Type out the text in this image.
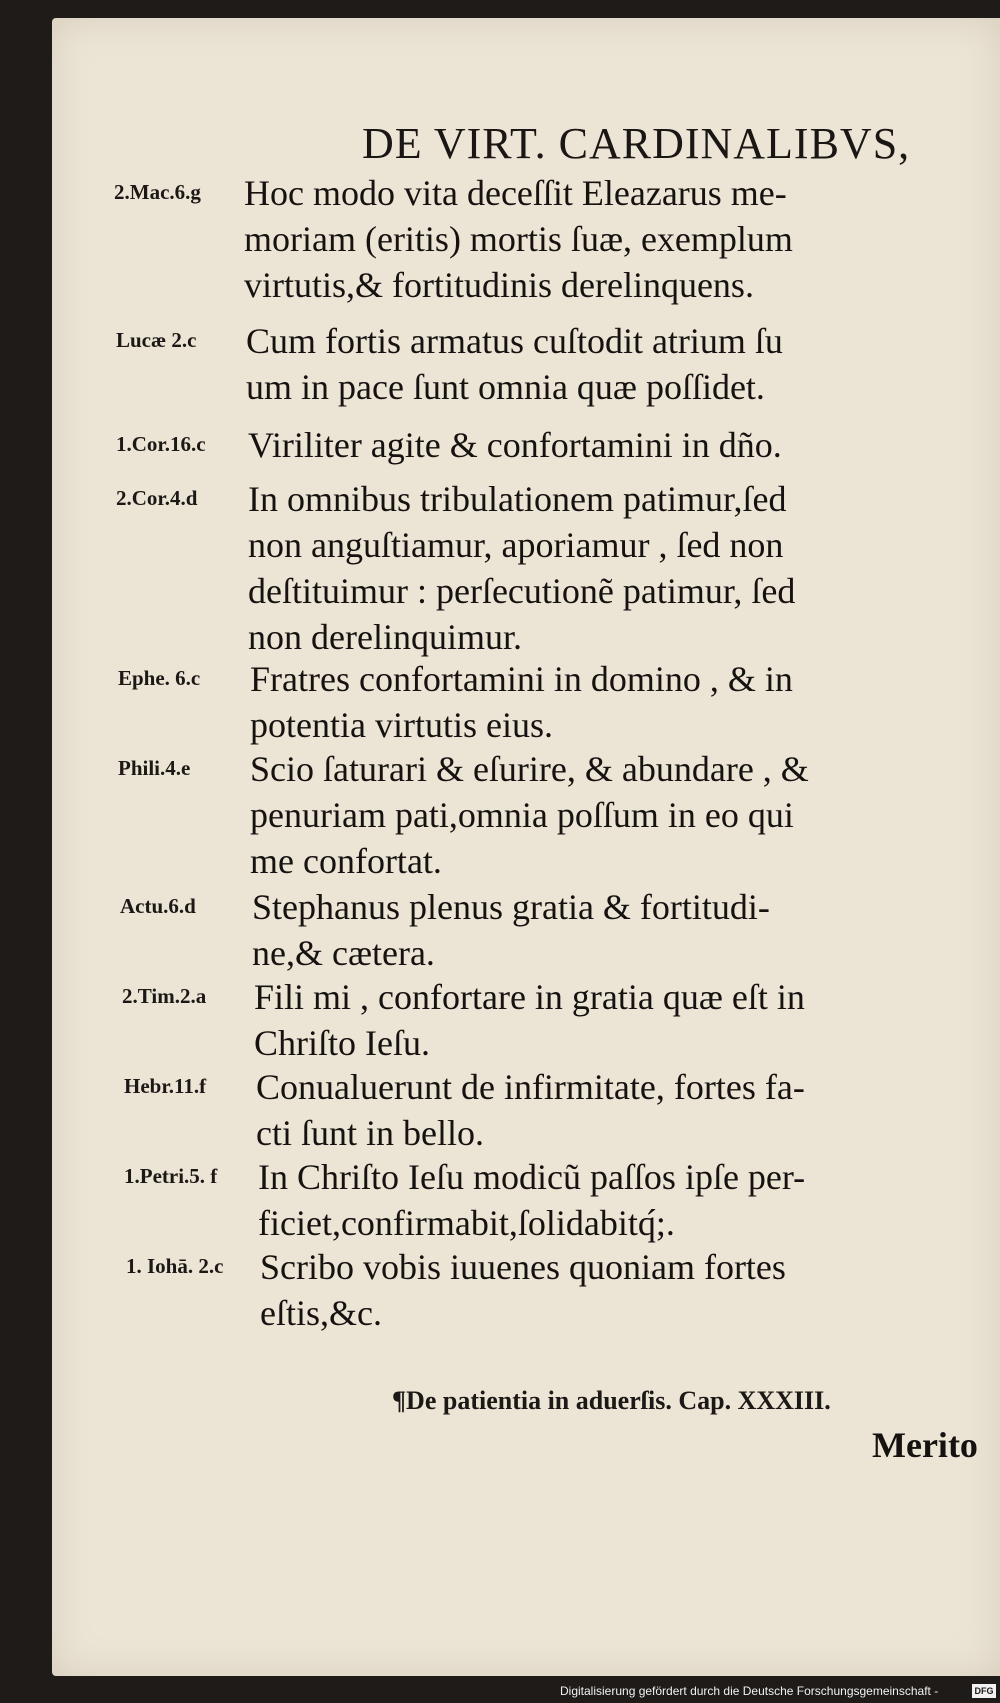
DE VIRT. CARDINALIBVS,
2.Mac.6.g Hoc modo vita deceſſit Eleazarus me-
moriam (eritis) mortis ſuæ, exemplum
virtutis,& fortitudinis derelinquens.
Lucæ 2.c Cum fortis armatus cuſtodit atrium ſu
um in pace ſunt omnia quæ poſſidet.
1.Cor.16.c Viriliter agite & confortamini in dño.
2.Cor.4.d In omnibus tribulationem patimur,ſed
non anguſtiamur, aporiamur , ſed non
deſtituimur : perſecutionẽ patimur, ſed
non derelinquimur.
Ephe. 6.c Fratres confortamini in domino , & in
potentia virtutis eius.
Phili.4.e Scio ſaturari & eſurire, & abundare , &
penuriam pati,omnia poſſum in eo qui
me confortat.
Actu.6.d Stephanus plenus gratia & fortitudi-
ne,& cætera.
2.Tim.2.a Fili mi , confortare in gratia quæ eſt in
Chriſto Ieſu.
Hebr.11.f Conualuerunt de infirmitate, fortes fa-
cti ſunt in bello.
1.Petri.5. f In Chriſto Ieſu modicũ paſſos ipſe per-
ficiet,confirmabit,ſolidabitq́;.
1. Iohā. 2.c Scribo vobis iuuenes quoniam fortes
eſtis,&c.
¶De patientia in aduerſis. Cap. XXXIII.
Merito
Digitalisierung gefördert durch die Deutsche Forschungsgemeinschaft -	DFG
